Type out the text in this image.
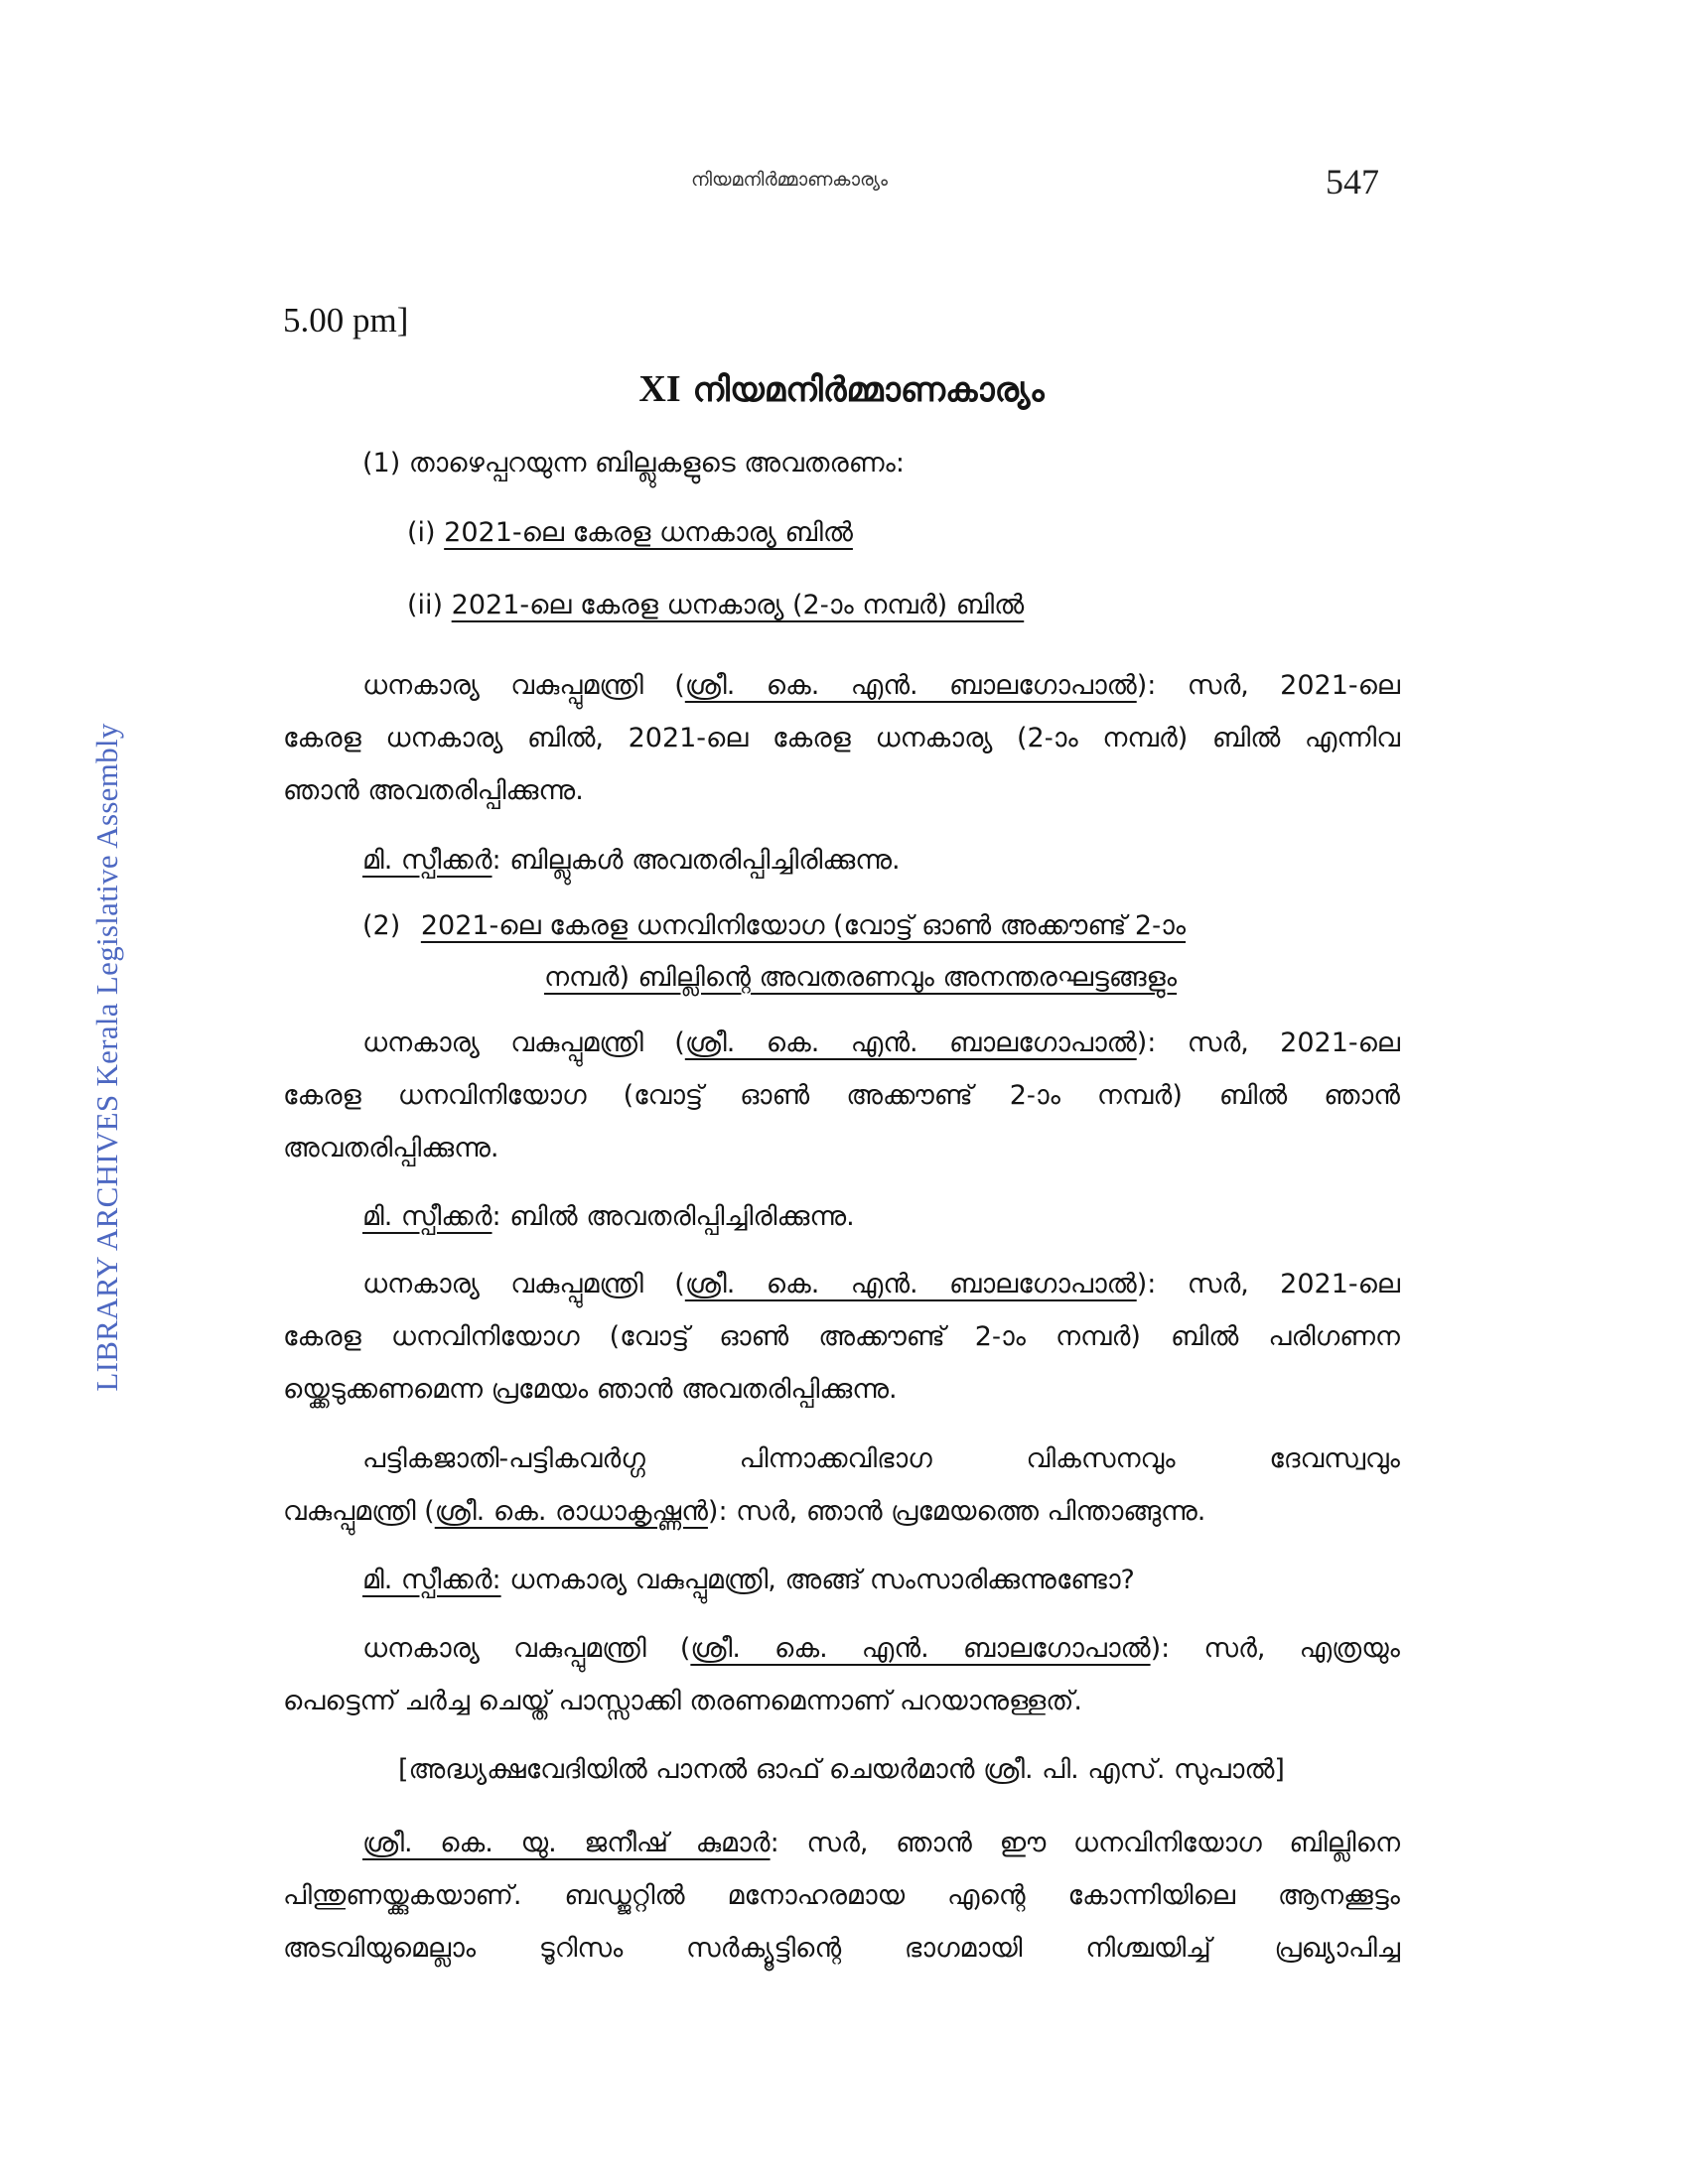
LIBRARY ARCHIVES Kerala Legislative Assembly
നിയമനിർമ്മാണകാര്യം	547
5.00 pm]
XI നിയമനിർമ്മാണകാര്യം
(1) താഴെപ്പറയുന്ന ബില്ലുകളുടെ അവതരണം:
(i) 2021-ലെ കേരള ധനകാര്യ ബിൽ
(ii) 2021-ലെ കേരള ധനകാര്യ (2-ാം നമ്പർ) ബിൽ
ധനകാര്യ വകുപ്പുമന്ത്രി (ശ്രീ. കെ. എൻ. ബാലഗോപാൽ): സർ, 2021-ലെ
കേരള ധനകാര്യ ബിൽ, 2021-ലെ കേരള ധനകാര്യ (2-ാം നമ്പർ) ബിൽ എന്നിവ
ഞാൻ അവതരിപ്പിക്കുന്നു.
മി. സ്പീക്കർ: ബില്ലുകൾ അവതരിപ്പിച്ചിരിക്കുന്നു.
(2) 2021-ലെ കേരള ധനവിനിയോഗ (വോട്ട് ഓൺ അക്കൗണ്ട് 2-ാം
നമ്പർ) ബില്ലിന്റെ അവതരണവും അനന്തരഘട്ടങ്ങളും
ധനകാര്യ വകുപ്പുമന്ത്രി (ശ്രീ. കെ. എൻ. ബാലഗോപാൽ): സർ, 2021-ലെ
കേരള ധനവിനിയോഗ (വോട്ട് ഓൺ അക്കൗണ്ട് 2-ാം നമ്പർ) ബിൽ ഞാൻ
അവതരിപ്പിക്കുന്നു.
മി. സ്പീക്കർ: ബിൽ അവതരിപ്പിച്ചിരിക്കുന്നു.
ധനകാര്യ വകുപ്പുമന്ത്രി (ശ്രീ. കെ. എൻ. ബാലഗോപാൽ): സർ, 2021-ലെ
കേരള ധനവിനിയോഗ (വോട്ട് ഓൺ അക്കൗണ്ട് 2-ാം നമ്പർ) ബിൽ പരിഗണന
യ്ക്കെടുക്കണമെന്ന പ്രമേയം ഞാൻ അവതരിപ്പിക്കുന്നു.
പട്ടികജാതി-പട്ടികവർഗ്ഗ പിന്നാക്കവിഭാഗ വികസനവും ദേവസ്വവും
വകുപ്പുമന്ത്രി (ശ്രീ. കെ. രാധാകൃഷ്ണൻ): സർ, ഞാൻ പ്രമേയത്തെ പിന്താങ്ങുന്നു.
മി. സ്പീക്കർ: ധനകാര്യ വകുപ്പുമന്ത്രി, അങ്ങ് സംസാരിക്കുന്നുണ്ടോ?
ധനകാര്യ വകുപ്പുമന്ത്രി (ശ്രീ. കെ. എൻ. ബാലഗോപാൽ): സർ, എത്രയും
പെട്ടെന്ന് ചർച്ച ചെയ്ത് പാസ്സാക്കി തരണമെന്നാണ് പറയാനുള്ളത്.
[അദ്ധ്യക്ഷവേദിയിൽ പാനൽ ഓഫ് ചെയർമാൻ ശ്രീ. പി. എസ്. സുപാൽ]
ശ്രീ. കെ. യു. ജനീഷ് കുമാർ: സർ, ഞാൻ ഈ ധനവിനിയോഗ ബില്ലിനെ
പിന്തുണയ്ക്കുകയാണ്. ബഡ്ജറ്റിൽ മനോഹരമായ എന്റെ കോന്നിയിലെ ആനക്കൂട്ടം
അടവിയുമെല്ലാം ടൂറിസം സർക്യൂട്ടിന്റെ ഭാഗമായി നിശ്ചയിച്ച് പ്രഖ്യാപിച്ച
